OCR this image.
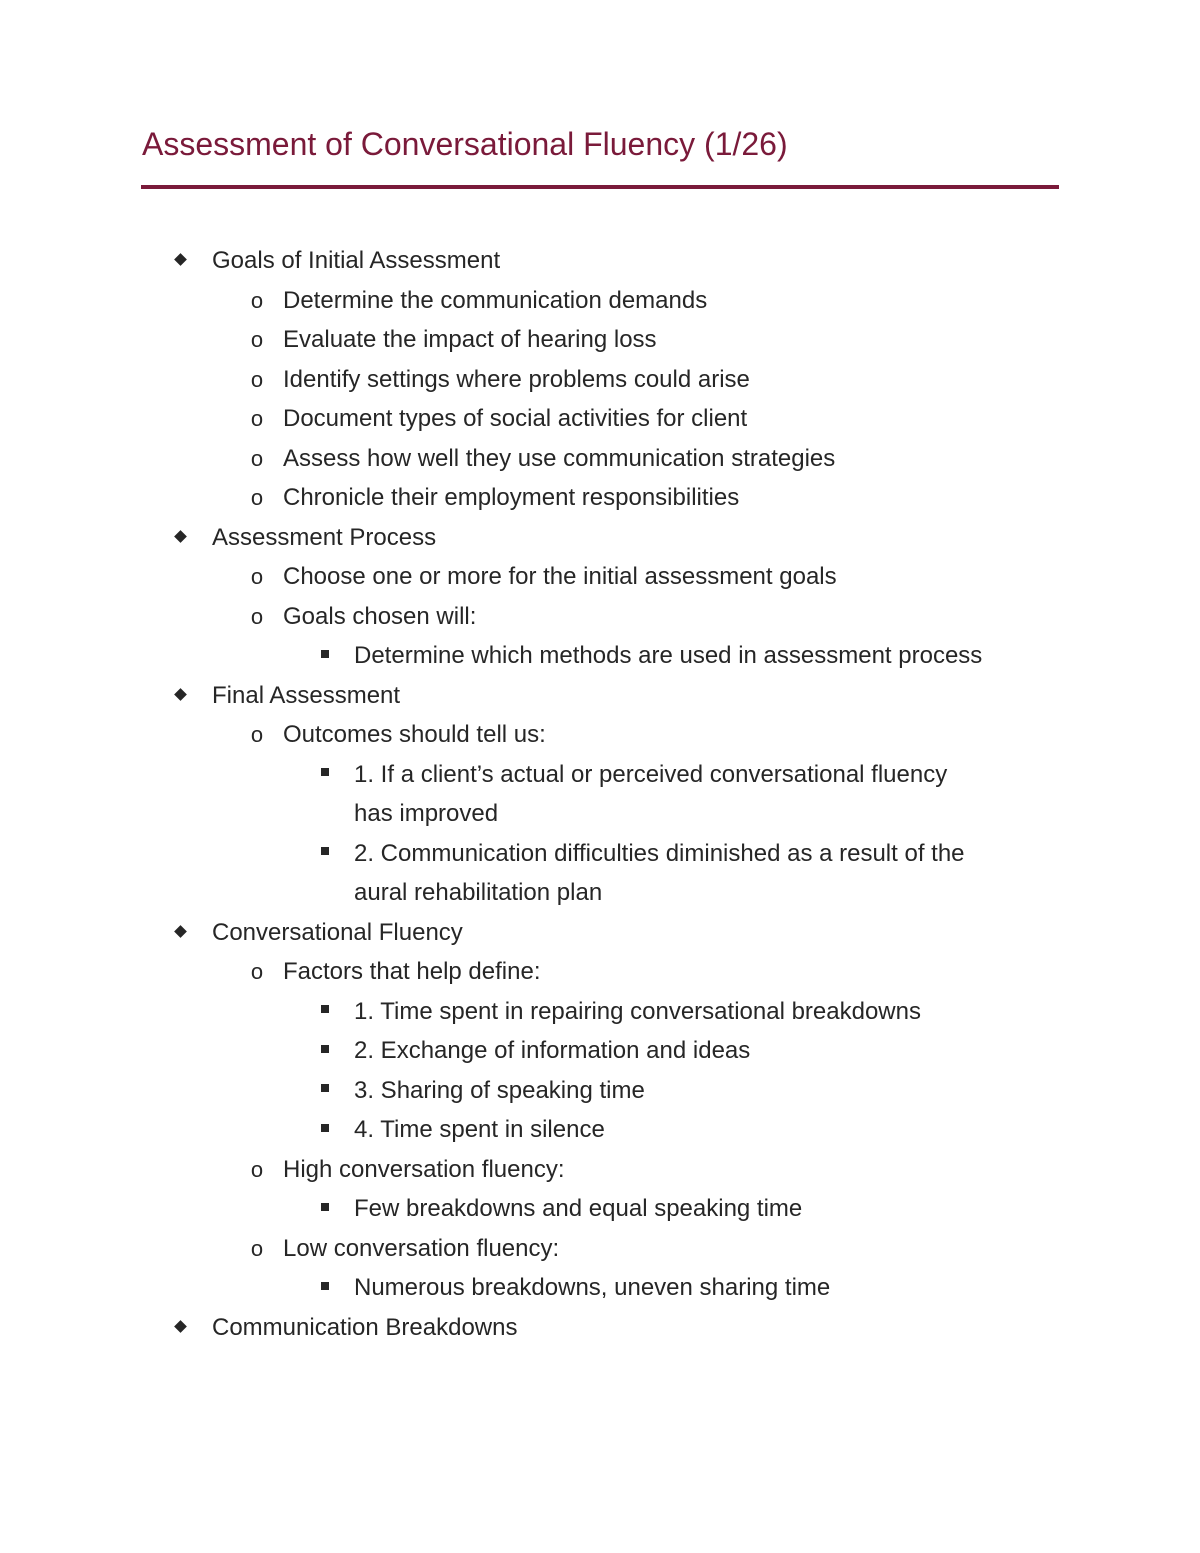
Assessment of Conversational Fluency (1/26)
Goals of Initial Assessment
o Determine the communication demands
o Evaluate the impact of hearing loss
o Identify settings where problems could arise
o Document types of social activities for client
o Assess how well they use communication strategies
o Chronicle their employment responsibilities
Assessment Process
o Choose one or more for the initial assessment goals
o Goals chosen will:
Determine which methods are used in assessment process
Final Assessment
o Outcomes should tell us:
1. If a client’s actual or perceived conversational fluency
has improved
2. Communication difficulties diminished as a result of the
aural rehabilitation plan
Conversational Fluency
o Factors that help define:
1. Time spent in repairing conversational breakdowns
2. Exchange of information and ideas
3. Sharing of speaking time
4. Time spent in silence
o High conversation fluency:
Few breakdowns and equal speaking time
o Low conversation fluency:
Numerous breakdowns, uneven sharing time
Communication Breakdowns
